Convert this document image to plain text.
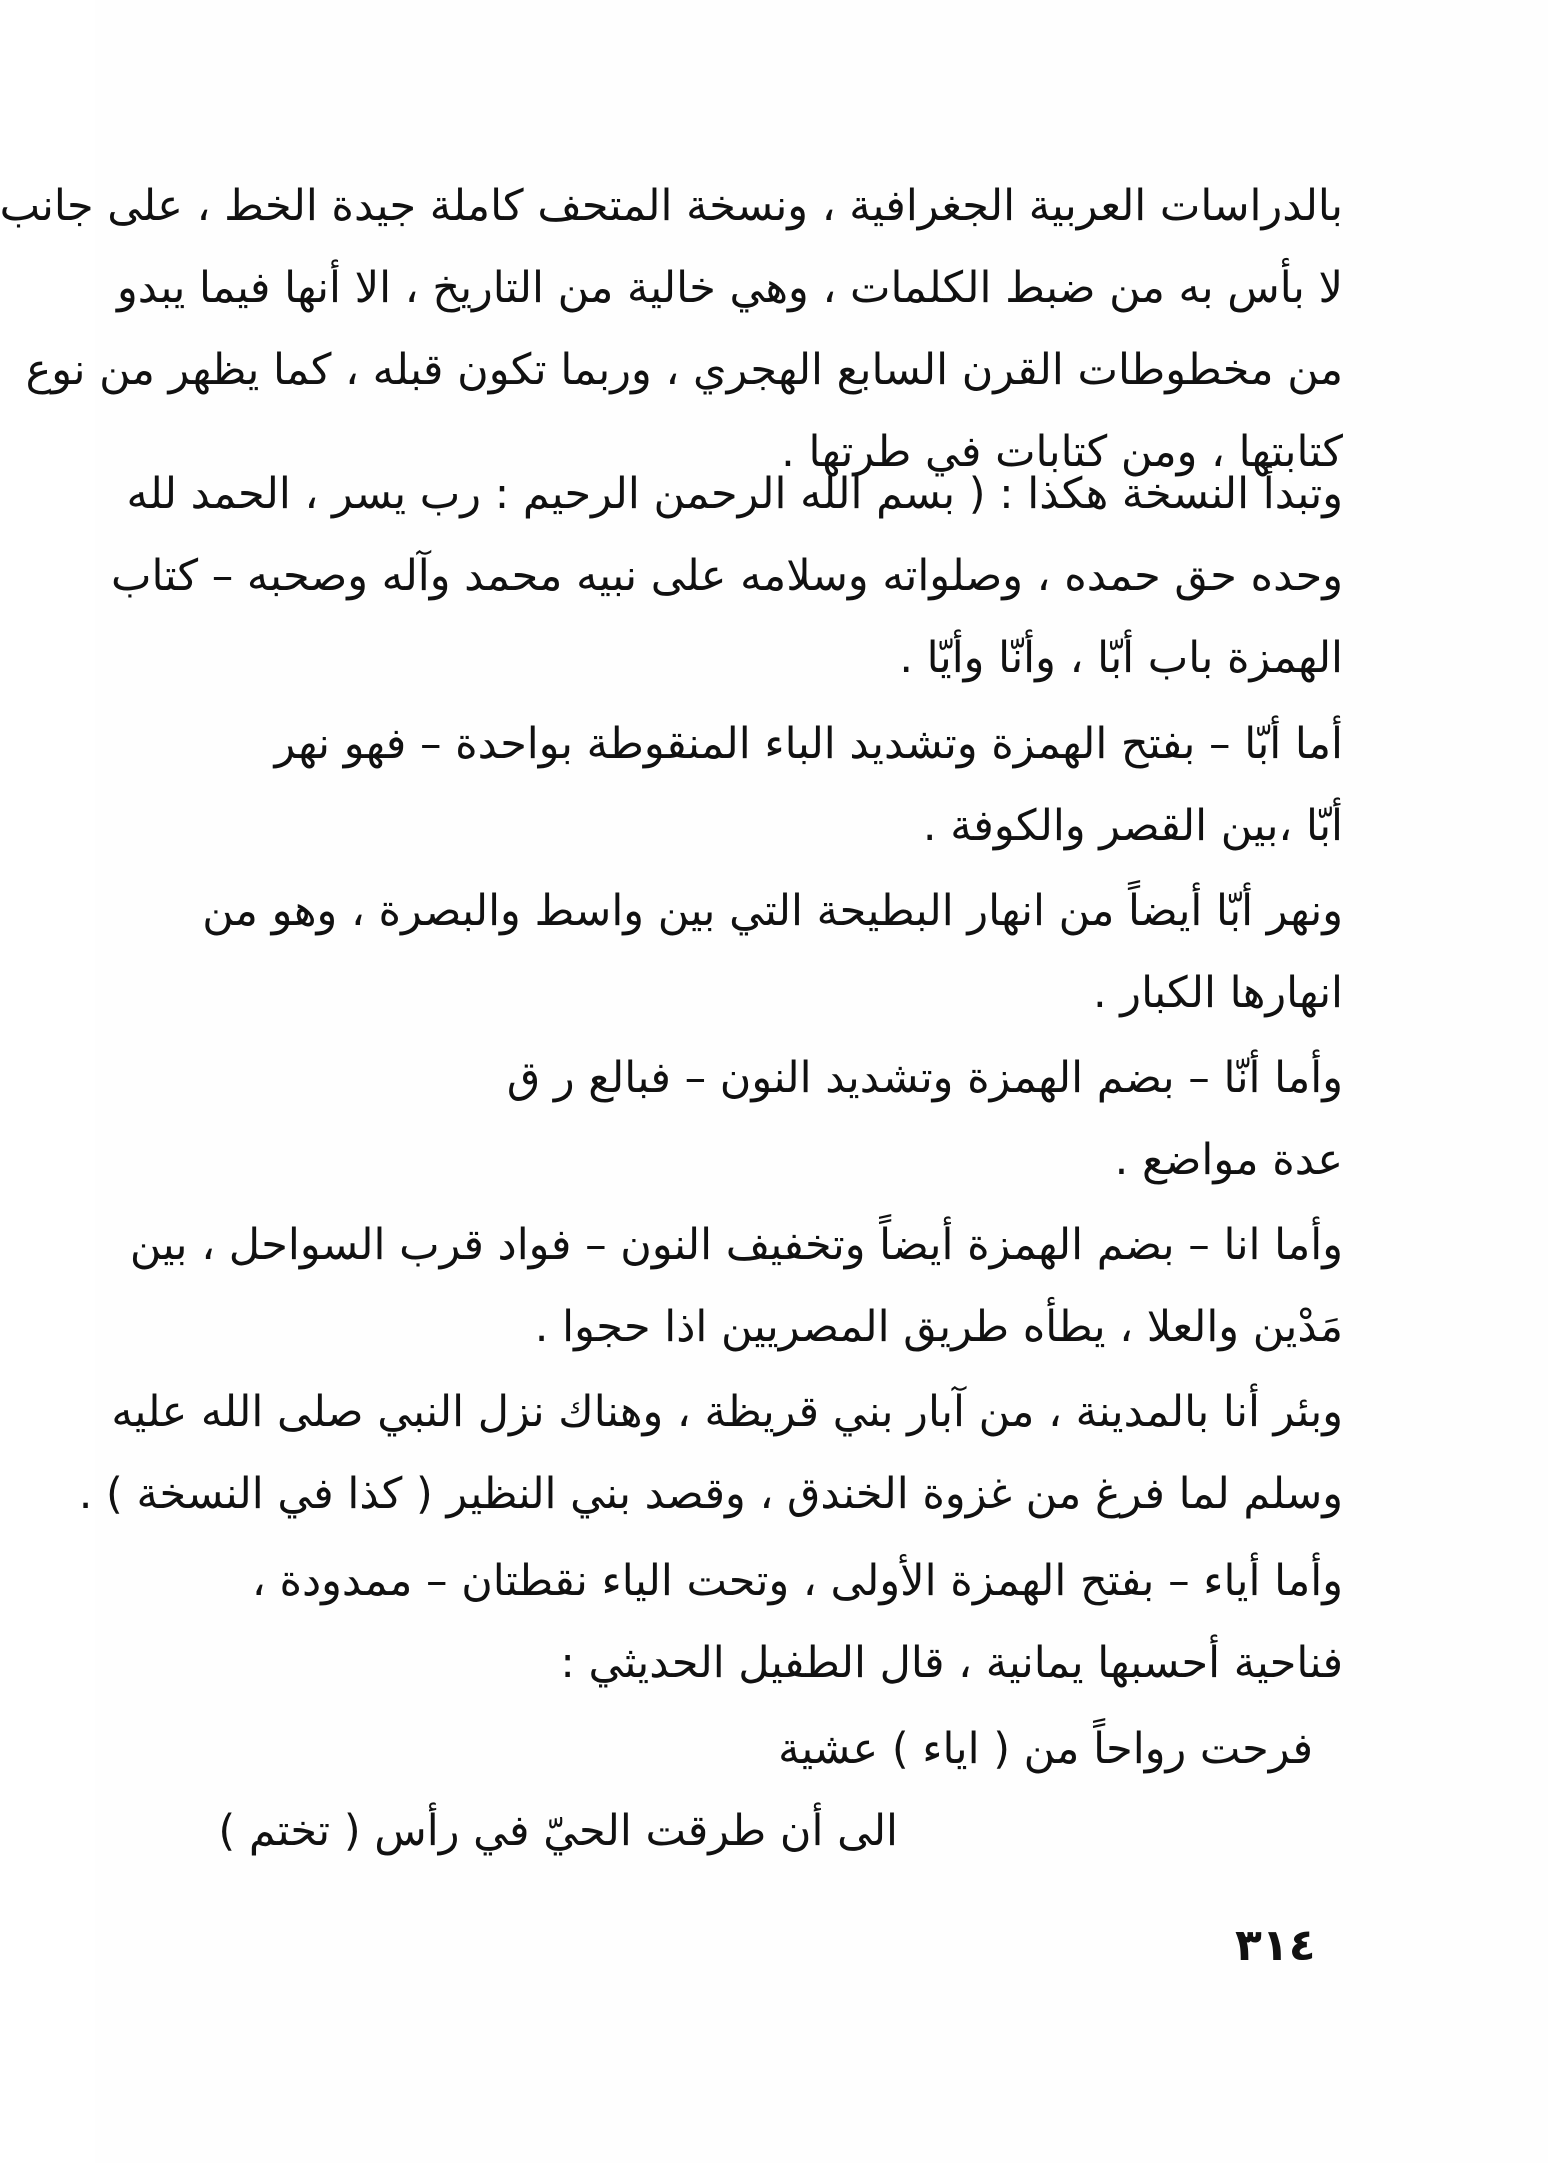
بالدراسات العربية الجغرافية ، ونسخة المتحف كاملة جيدة الخط ، على جانب
لا بأس به من ضبط الكلمات ، وهي خالية من التاريخ ، الا أنها فيما يبدو
من مخطوطات القرن السابع الهجري ، وربما تكون قبله ، كما يظهر من نوع
كتابتها ، ومن كتابات في طرتها .
وتبدأ النسخة هكذا : ( بسم الله الرحمن الرحيم : رب يسر ، الحمد لله
وحده حق حمده ، وصلواته وسلامه على نبيه محمد وآله وصحبه – كتاب
الهمزة باب أبّا ، وأنّا وأيّا .
أما أبّا – بفتح الهمزة وتشديد الباء المنقوطة بواحدة – فهو نهر
أبّا ،بين القصر والكوفة .
ونهر أبّا أيضاً من انهار البطيحة التي بين واسط والبصرة ، وهو من
انهارها الكبار .
وأما أنّا – بضم الهمزة وتشديد النون – فبالع ر ق
عدة مواضع .
وأما انا – بضم الهمزة أيضاً وتخفيف النون – فواد قرب السواحل ، بين
مَدْين والعلا ، يطأه طريق المصريين اذا حجوا .
وبئر أنا بالمدينة ، من آبار بني قريظة ، وهناك نزل النبي صلى الله عليه
وسلم لما فرغ من غزوة الخندق ، وقصد بني النظير ( كذا في النسخة ) .
وأما أياء – بفتح الهمزة الأولى ، وتحت الياء نقطتان – ممدودة ،
فناحية أحسبها يمانية ، قال الطفيل الحديثي :
فرحت رواحاً من ( اياء ) عشية
الى أن طرقت الحيّ في رأس ( تختم )
٣١٤
